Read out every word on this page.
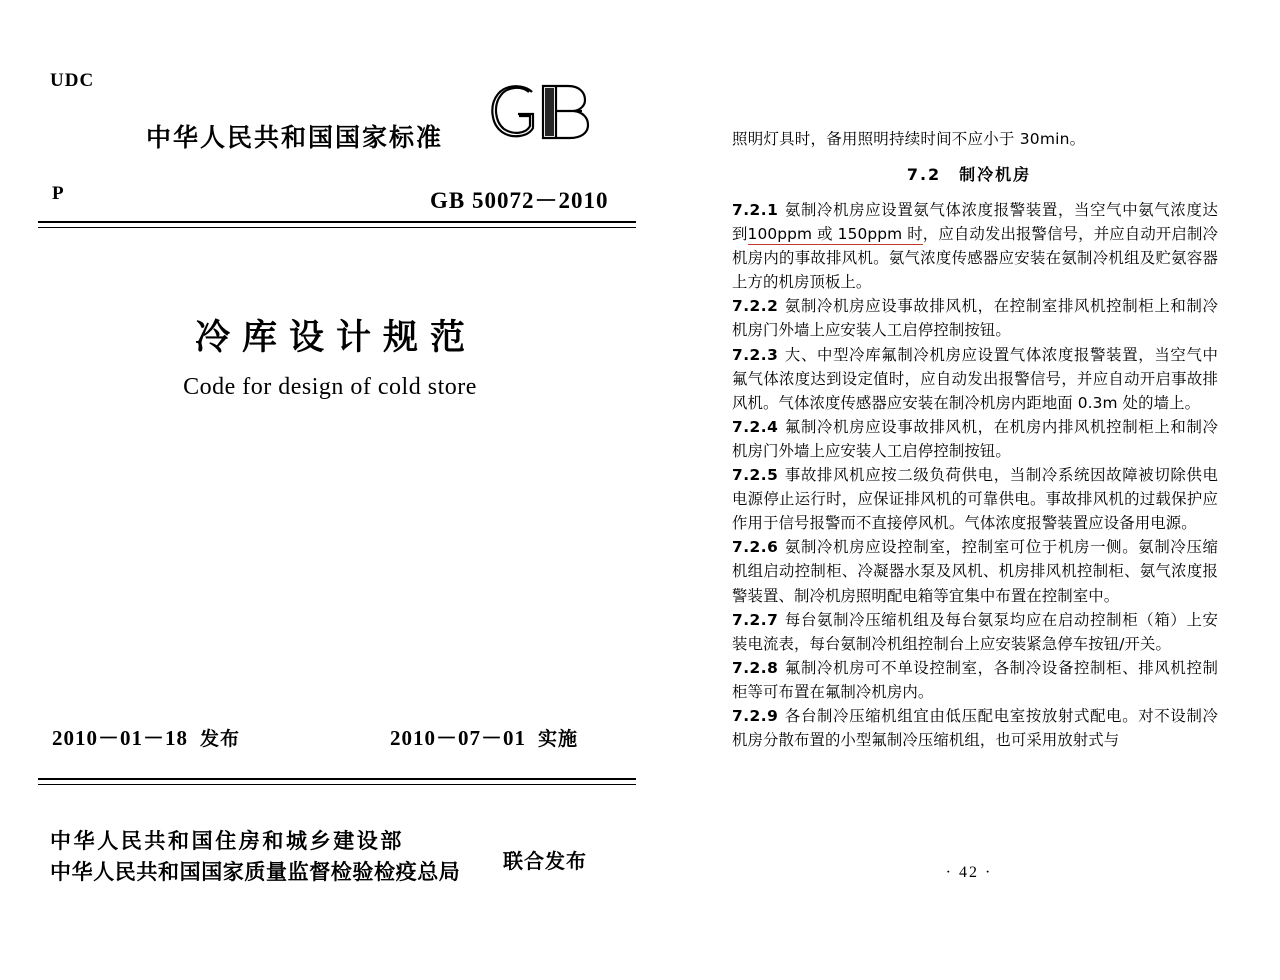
UDC
P
中华人民共和国国家标准
GB 50072－2010
冷库设计规范
Code for design of cold store
2010－01－18 发布	2010－07－01 实施
中华人民共和国住房和城乡建设部
中华人民共和国国家质量监督检验检疫总局 联合发布
照明灯具时，备用照明持续时间不应小于 30min。
7.2　制冷机房

7.2.1 氨制冷机房应设置氨气体浓度报警装置，当空气中氨气浓度达到100ppm 或 150ppm 时，应自动发出报警信号，并应自动开启制冷机房内的事故排风机。氨气浓度传感器应安装在氨制冷机组及贮氨容器上方的机房顶板上。

7.2.2 氨制冷机房应设事故排风机，在控制室排风机控制柜上和制冷机房门外墙上应安装人工启停控制按钮。

7.2.3 大、中型冷库氟制冷机房应设置气体浓度报警装置，当空气中氟气体浓度达到设定值时，应自动发出报警信号，并应自动开启事故排风机。气体浓度传感器应安装在制冷机房内距地面 0.3m 处的墙上。

7.2.4 氟制冷机房应设事故排风机，在机房内排风机控制柜上和制冷机房门外墙上应安装人工启停控制按钮。

7.2.5 事故排风机应按二级负荷供电，当制冷系统因故障被切除供电电源停止运行时，应保证排风机的可靠供电。事故排风机的过载保护应作用于信号报警而不直接停风机。气体浓度报警装置应设备用电源。

7.2.6 氨制冷机房应设控制室，控制室可位于机房一侧。氨制冷压缩机组启动控制柜、冷凝器水泵及风机、机房排风机控制柜、氨气浓度报警装置、制冷机房照明配电箱等宜集中布置在控制室中。

7.2.7 每台氨制冷压缩机组及每台氨泵均应在启动控制柜（箱）上安装电流表，每台氨制冷机组控制台上应安装紧急停车按钮/开关。

7.2.8 氟制冷机房可不单设控制室，各制冷设备控制柜、排风机控制柜等可布置在氟制冷机房内。

7.2.9 各台制冷压缩机组宜由低压配电室按放射式配电。对不设制冷机房分散布置的小型氟制冷压缩机组，也可采用放射式与

· 42 ·
